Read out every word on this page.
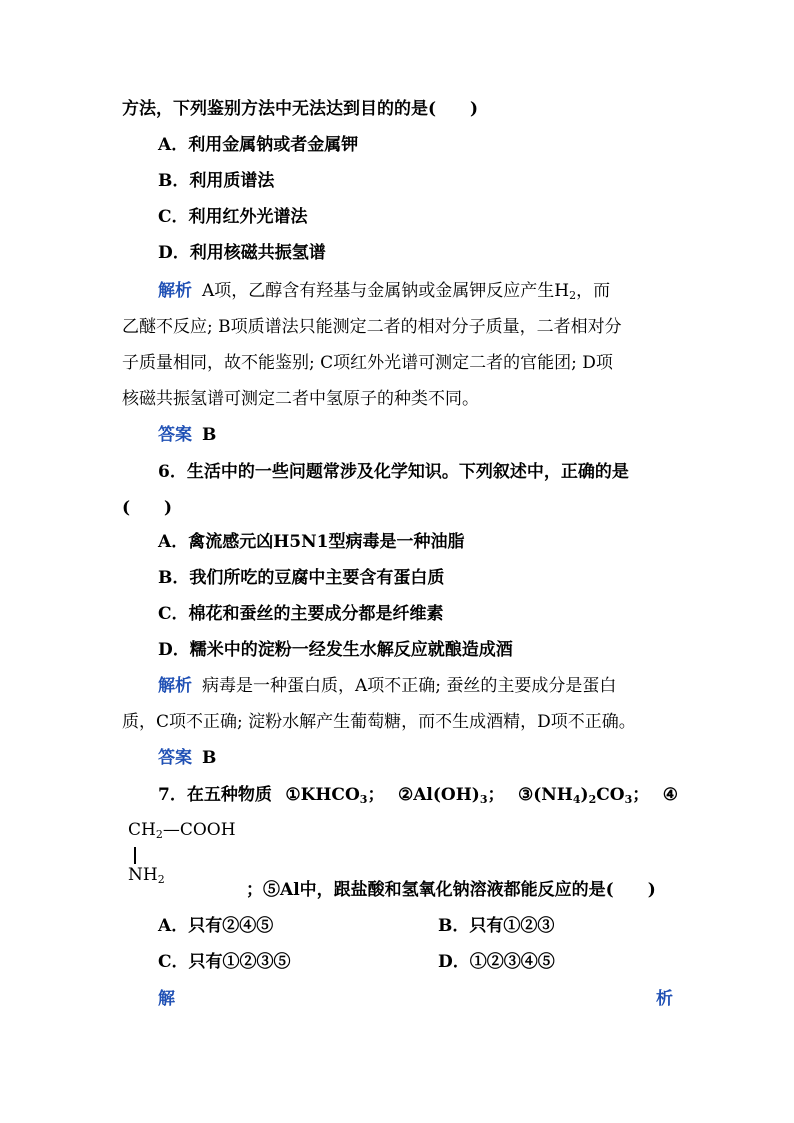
方法，下列鉴别方法中无法达到目的的是(　　)
A．利用金属钠或者金属钾
B．利用质谱法
C．利用红外光谱法
D．利用核磁共振氢谱
解析 A项，乙醇含有羟基与金属钠或金属钾反应产生$H_2$，而
乙醚不反应; B项质谱法只能测定二者的相对分子质量，二者相对分
子质量相同，故不能鉴别; C项红外光谱可测定二者的官能团; D项
核磁共振氢谱可测定二者中氢原子的种类不同。
答案 B
6．生活中的一些问题常涉及化学知识。下列叙述中，正确的是
(　　)
A．禽流感元凶H5N1型病毒是一种油脂
B．我们所吃的豆腐中主要含有蛋白质
C．棉花和蚕丝的主要成分都是纤维素
D．糯米中的淀粉一经发生水解反应就酿造成酒
解析 病毒是一种蛋白质，A项不正确; 蚕丝的主要成分是蛋白
质，C项不正确; 淀粉水解产生葡萄糖，而不生成酒精，D项不正确。
答案 B
7．在五种物质 $①KHCO_3$； $②Al(OH)_3$； $③(NH_4)_2CO_3$； ④
$CH_2—COOH$
$NH_2$
；⑤Al中，跟盐酸和氢氧化钠溶液都能反应的是(　　)
A．只有②④⑤	B．只有①②③
C．只有①②③⑤	D．①②③④⑤
解	析
